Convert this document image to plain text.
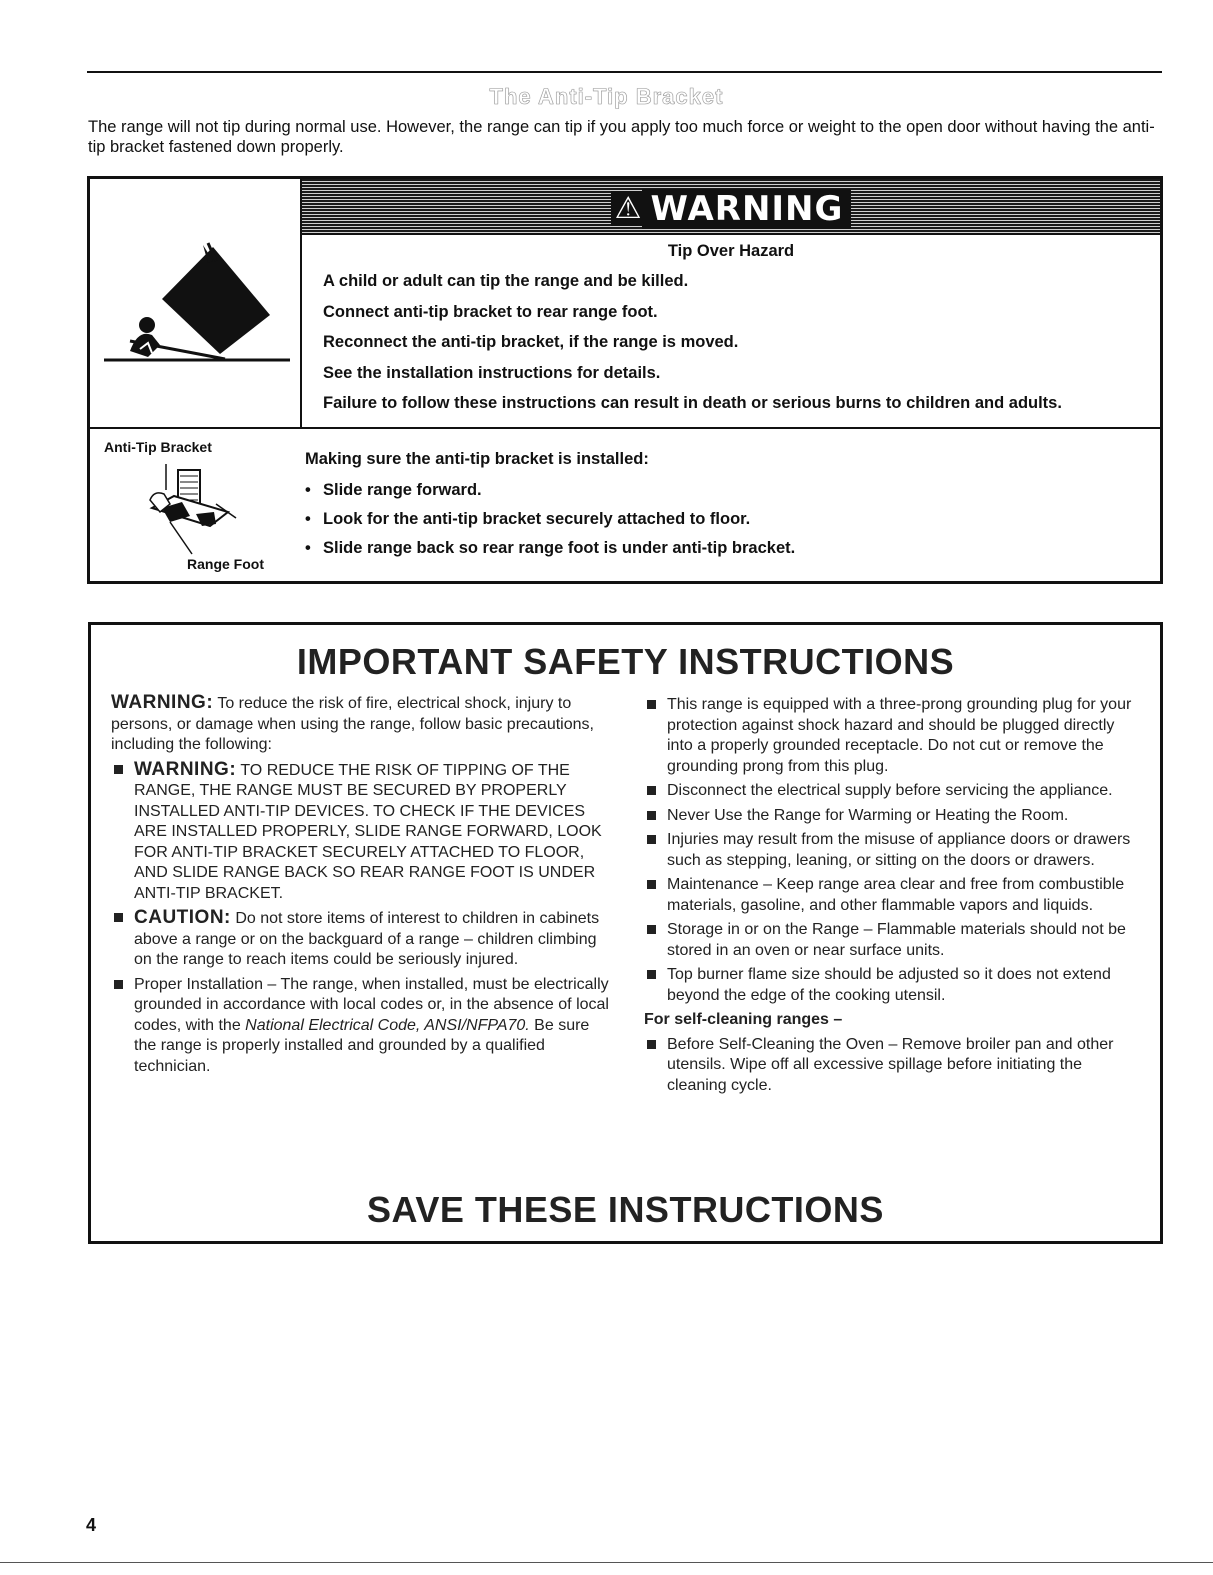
The Anti-Tip Bracket
The range will not tip during normal use. However, the range can tip if you apply too much force or weight to the open door without having the anti-tip bracket fastened down properly.
⚠ WARNING
Tip Over Hazard
A child or adult can tip the range and be killed.
Connect anti-tip bracket to rear range foot.
Reconnect the anti-tip bracket, if the range is moved.
See the installation instructions for details.
Failure to follow these instructions can result in death or serious burns to children and adults.
Anti-Tip Bracket
Range Foot
Making sure the anti-tip bracket is installed:
• Slide range forward.
• Look for the anti-tip bracket securely attached to floor.
• Slide range back so rear range foot is under anti-tip bracket.
IMPORTANT SAFETY INSTRUCTIONS

WARNING: To reduce the risk of fire, electrical shock, injury to persons, or damage when using the range, follow basic precautions, including the following:

WARNING: TO REDUCE THE RISK OF TIPPING OF THE RANGE, THE RANGE MUST BE SECURED BY PROPERLY INSTALLED ANTI-TIP DEVICES. TO CHECK IF THE DEVICES ARE INSTALLED PROPERLY, SLIDE RANGE FORWARD, LOOK FOR ANTI-TIP BRACKET SECURELY ATTACHED TO FLOOR, AND SLIDE RANGE BACK SO REAR RANGE FOOT IS UNDER ANTI-TIP BRACKET.
CAUTION: Do not store items of interest to children in cabinets above a range or on the backguard of a range – children climbing on the range to reach items could be seriously injured.
Proper Installation – The range, when installed, must be electrically grounded in accordance with local codes or, in the absence of local codes, with the National Electrical Code, ANSI/NFPA70. Be sure the range is properly installed and grounded by a qualified technician.
This range is equipped with a three-prong grounding plug for your protection against shock hazard and should be plugged directly into a properly grounded receptacle. Do not cut or remove the grounding prong from this plug.
Disconnect the electrical supply before servicing the appliance.
Never Use the Range for Warming or Heating the Room.
Injuries may result from the misuse of appliance doors or drawers such as stepping, leaning, or sitting on the doors or drawers.
Maintenance – Keep range area clear and free from combustible materials, gasoline, and other flammable vapors and liquids.
Storage in or on the Range – Flammable materials should not be stored in an oven or near surface units.
Top burner flame size should be adjusted so it does not extend beyond the edge of the cooking utensil.
For self-cleaning ranges –
Before Self-Cleaning the Oven – Remove broiler pan and other utensils. Wipe off all excessive spillage before initiating the cleaning cycle.
SAVE THESE INSTRUCTIONS
4
